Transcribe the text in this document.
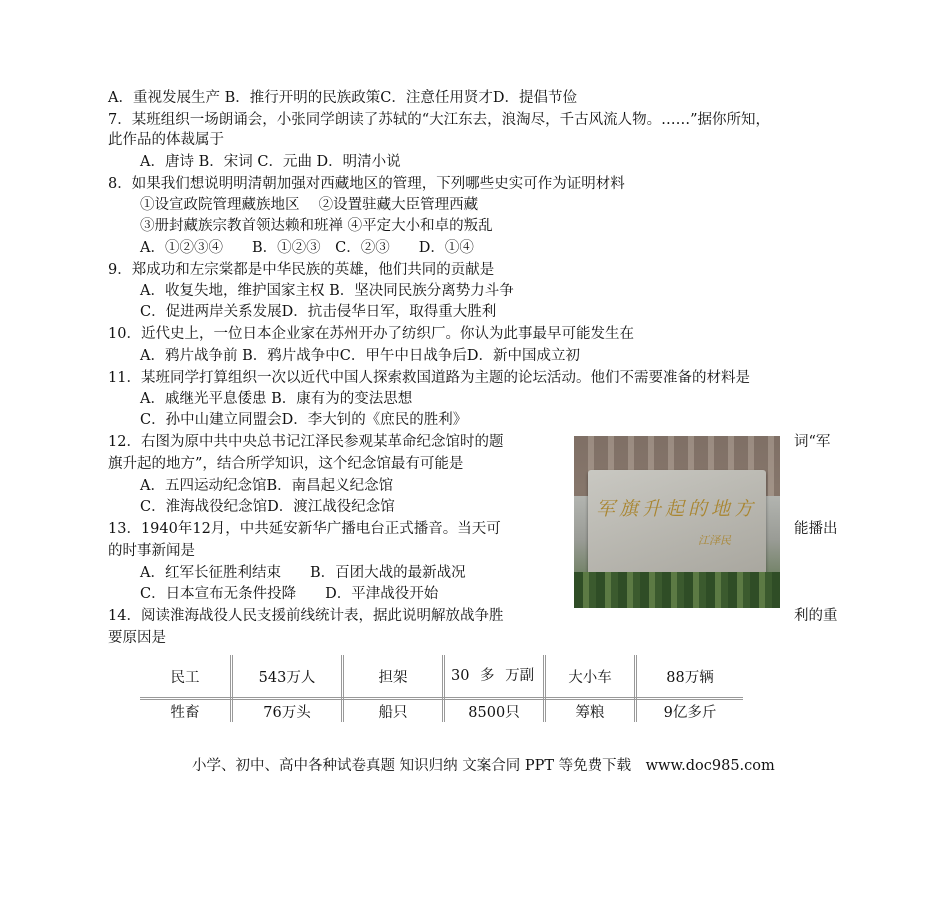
A．重视发展生产 B．推行开明的民族政策C．注意任用贤才D．提倡节俭
7．某班组织一场朗诵会，小张同学朗读了苏轼的“大江东去，浪淘尽，千古风流人物。……”据你所知，
此作品的体裁属于
A．唐诗 B．宋词 C．元曲 D．明清小说
8．如果我们想说明明清朝加强对西藏地区的管理，下列哪些史实可作为证明材料
①设宣政院管理藏族地区　 ②设置驻藏大臣管理西藏
③册封藏族宗教首领达赖和班禅 ④平定大小和卓的叛乱
A．①②③④　　B．①②③　C．②③　　D．①④
9．郑成功和左宗棠都是中华民族的英雄，他们共同的贡献是
A．收复失地，维护国家主权 B．坚决同民族分离势力斗争
C．促进两岸关系发展D．抗击侵华日军，取得重大胜利
10．近代史上，一位日本企业家在苏州开办了纺织厂。你认为此事最早可能发生在
A．鸦片战争前 B．鸦片战争中C．甲午中日战争后D．新中国成立初
11．某班同学打算组织一次以近代中国人探索救国道路为主题的论坛活动。他们不需要准备的材料是
A．戚继光平息倭患 B．康有为的变法思想
C．孙中山建立同盟会D．李大钊的《庶民的胜利》
12．右图为原中共中央总书记江泽民参观某革命纪念馆时的题	词“军
旗升起的地方”，结合所学知识，这个纪念馆最有可能是
A．五四运动纪念馆B．南昌起义纪念馆
C．淮海战役纪念馆D．渡江战役纪念馆
13．1940年12月，中共延安新华广播电台正式播音。当天可	能播出
的时事新闻是
A．红军长征胜利结束　　B．百团大战的最新战况
C．日本宣布无条件投降　　D．平津战役开始
14．阅读淮海战役人民支援前线统计表，据此说明解放战争胜	利的重
要原因是
军旗升起的地方
江泽民
民工	543万人	担架	30 多 万副	大小车	88万辆
牲畜	76万头	船只	8500只	筹粮	9亿多斤
小学、初中、高中各种试卷真题 知识归纳 文案合同 PPT 等免费下载　www.doc985.com
